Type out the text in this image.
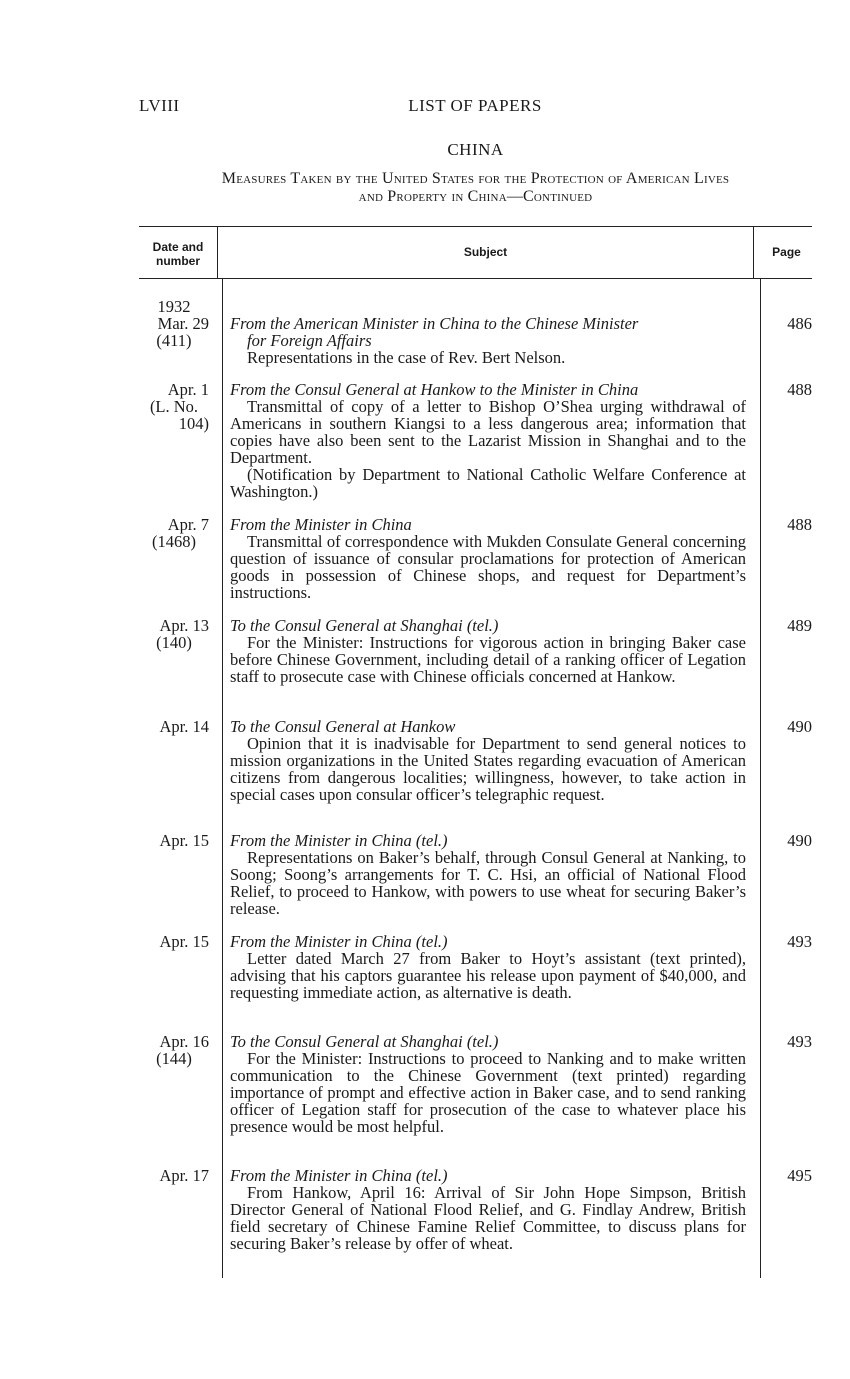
LVIII	LIST OF PAPERS
CHINA
Measures Taken by the United States for the Protection of American Lives
and Property in China—Continued
Date and number
Subject	Page
1932
Mar. 29
(411)
From the American Minister in China to the Chinese Minister
for Foreign Affairs

Representations in the case of Rev. Bert Nelson.

486
Apr. 1
(L. No.
104)
From the Consul General at Hankow to the Minister in China

Transmittal of copy of a letter to Bishop O’Shea urging withdrawal of Americans in southern Kiangsi to a less dangerous area; information that copies have also been sent to the Lazarist Mission in Shanghai and to the Department.

(Notification by Department to National Catholic Welfare Conference at Washington.)

488
Apr. 7
(1468)
From the Minister in China

Transmittal of correspondence with Mukden Consulate General concerning question of issuance of consular proclamations for protection of American goods in possession of Chinese shops, and request for Department’s instructions.

488
Apr. 13
(140)
To the Consul General at Shanghai (tel.)

For the Minister: Instructions for vigorous action in bringing Baker case before Chinese Government, including detail of a ranking officer of Legation staff to prosecute case with Chinese officials concerned at Hankow.

489
Apr. 14 To the Consul General at Hankow

Opinion that it is inadvisable for Department to send general notices to mission organizations in the United States regarding evacuation of American citizens from dangerous localities; willingness, however, to take action in special cases upon consular officer’s telegraphic request.

490
Apr. 15 From the Minister in China (tel.)

Representations on Baker’s behalf, through Consul General at Nanking, to Soong; Soong’s arrangements for T. C. Hsi, an official of National Flood Relief, to proceed to Hankow, with powers to use wheat for securing Baker’s release.

490
Apr. 15 From the Minister in China (tel.)

Letter dated March 27 from Baker to Hoyt’s assistant (text printed), advising that his captors guarantee his release upon payment of $40,000, and requesting immediate action, as alternative is death.

493
Apr. 16
(144)
To the Consul General at Shanghai (tel.)

For the Minister: Instructions to proceed to Nanking and to make written communication to the Chinese Government (text printed) regarding importance of prompt and effective action in Baker case, and to send ranking officer of Legation staff for prosecution of the case to whatever place his presence would be most helpful.

493
Apr. 17 From the Minister in China (tel.)

From Hankow, April 16: Arrival of Sir John Hope Simpson, British Director General of National Flood Relief, and G. Findlay Andrew, British field secretary of Chinese Famine Relief Committee, to discuss plans for securing Baker’s release by offer of wheat.

495
